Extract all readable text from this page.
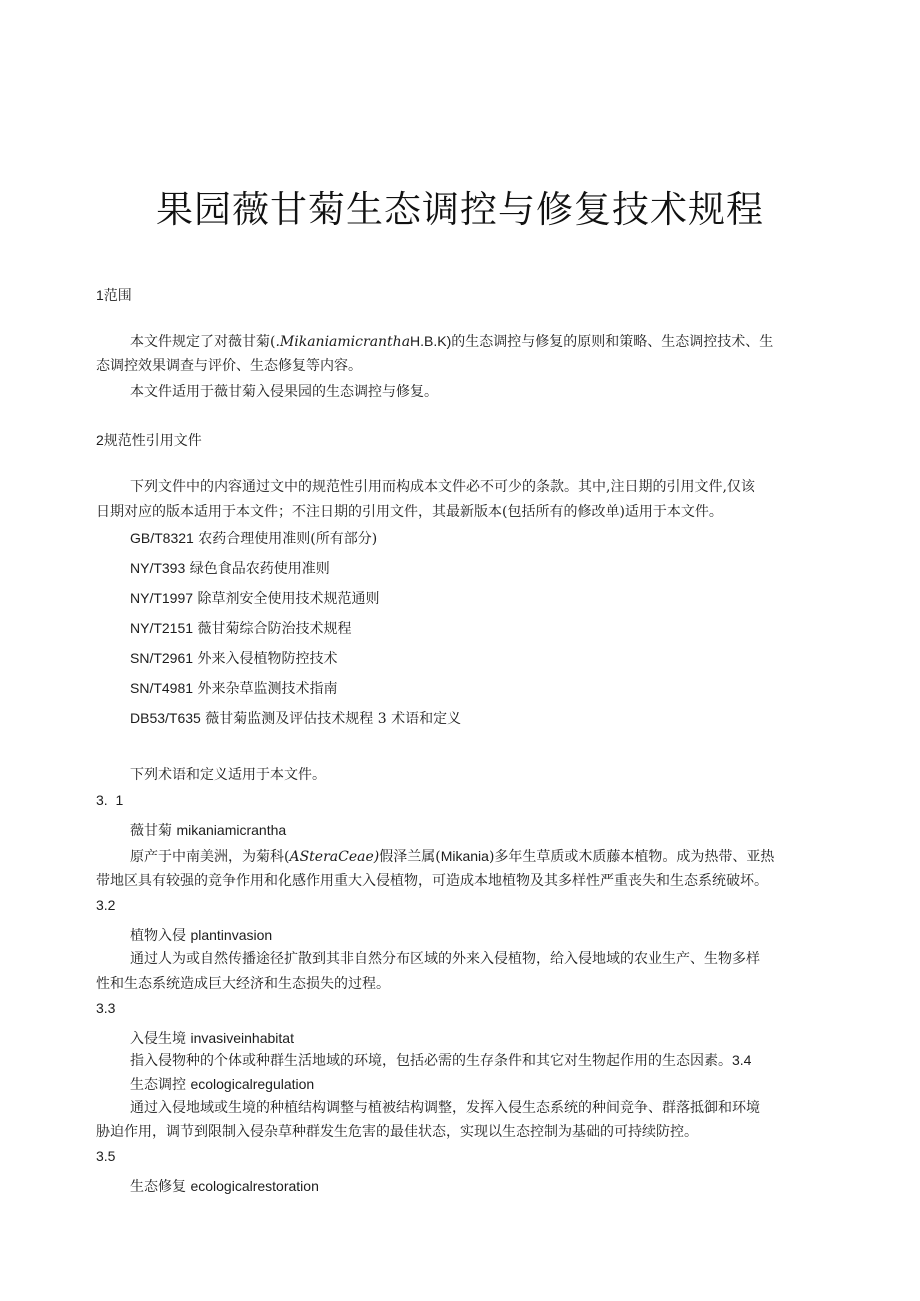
果园薇甘菊生态调控与修复技术规程
1范围
本文件规定了对薇甘菊(.MikaniamicranthaH.B.K)的生态调控与修复的原则和策略、生态调控技术、生
态调控效果调查与评价、生态修复等内容。
本文件适用于薇甘菊入侵果园的生态调控与修复。
2规范性引用文件
下列文件中的内容通过文中的规范性引用而构成本文件必不可少的条款。其中,注日期的引用文件,仅该
日期对应的版本适用于本文件；不注日期的引用文件，其最新版本(包括所有的修改单)适用于本文件。
GB/T8321 农药合理使用准则(所有部分)
NY/T393 绿色食品农药使用准则
NY/T1997 除草剂安全使用技术规范通则
NY/T2151 薇甘菊综合防治技术规程
SN/T2961 外来入侵植物防控技术
SN/T4981 外来杂草监测技术指南
DB53/T635 薇甘菊监测及评估技术规程 3 术语和定义
下列术语和定义适用于本文件。
3.  1
薇甘菊 mikaniamicrantha
原产于中南美洲，为菊科(ASteraCeae)假泽兰属(Mikania)多年生草质或木质藤本植物。成为热带、亚热
带地区具有较强的竞争作用和化感作用重大入侵植物，可造成本地植物及其多样性严重丧失和生态系统破坏。
3.2
植物入侵 plantinvasion
通过人为或自然传播途径扩散到其非自然分布区域的外来入侵植物，给入侵地域的农业生产、生物多样
性和生态系统造成巨大经济和生态损失的过程。
3.3
入侵生境 invasiveinhabitat
指入侵物种的个体或种群生活地域的环境，包括必需的生存条件和其它对生物起作用的生态因素。3.4
生态调控 ecologicalregulation
通过入侵地域或生境的种植结构调整与植被结构调整，发挥入侵生态系统的种间竞争、群落抵御和环境
胁迫作用，调节到限制入侵杂草种群发生危害的最佳状态，实现以生态控制为基础的可持续防控。
3.5
生态修复 ecologicalrestoration
